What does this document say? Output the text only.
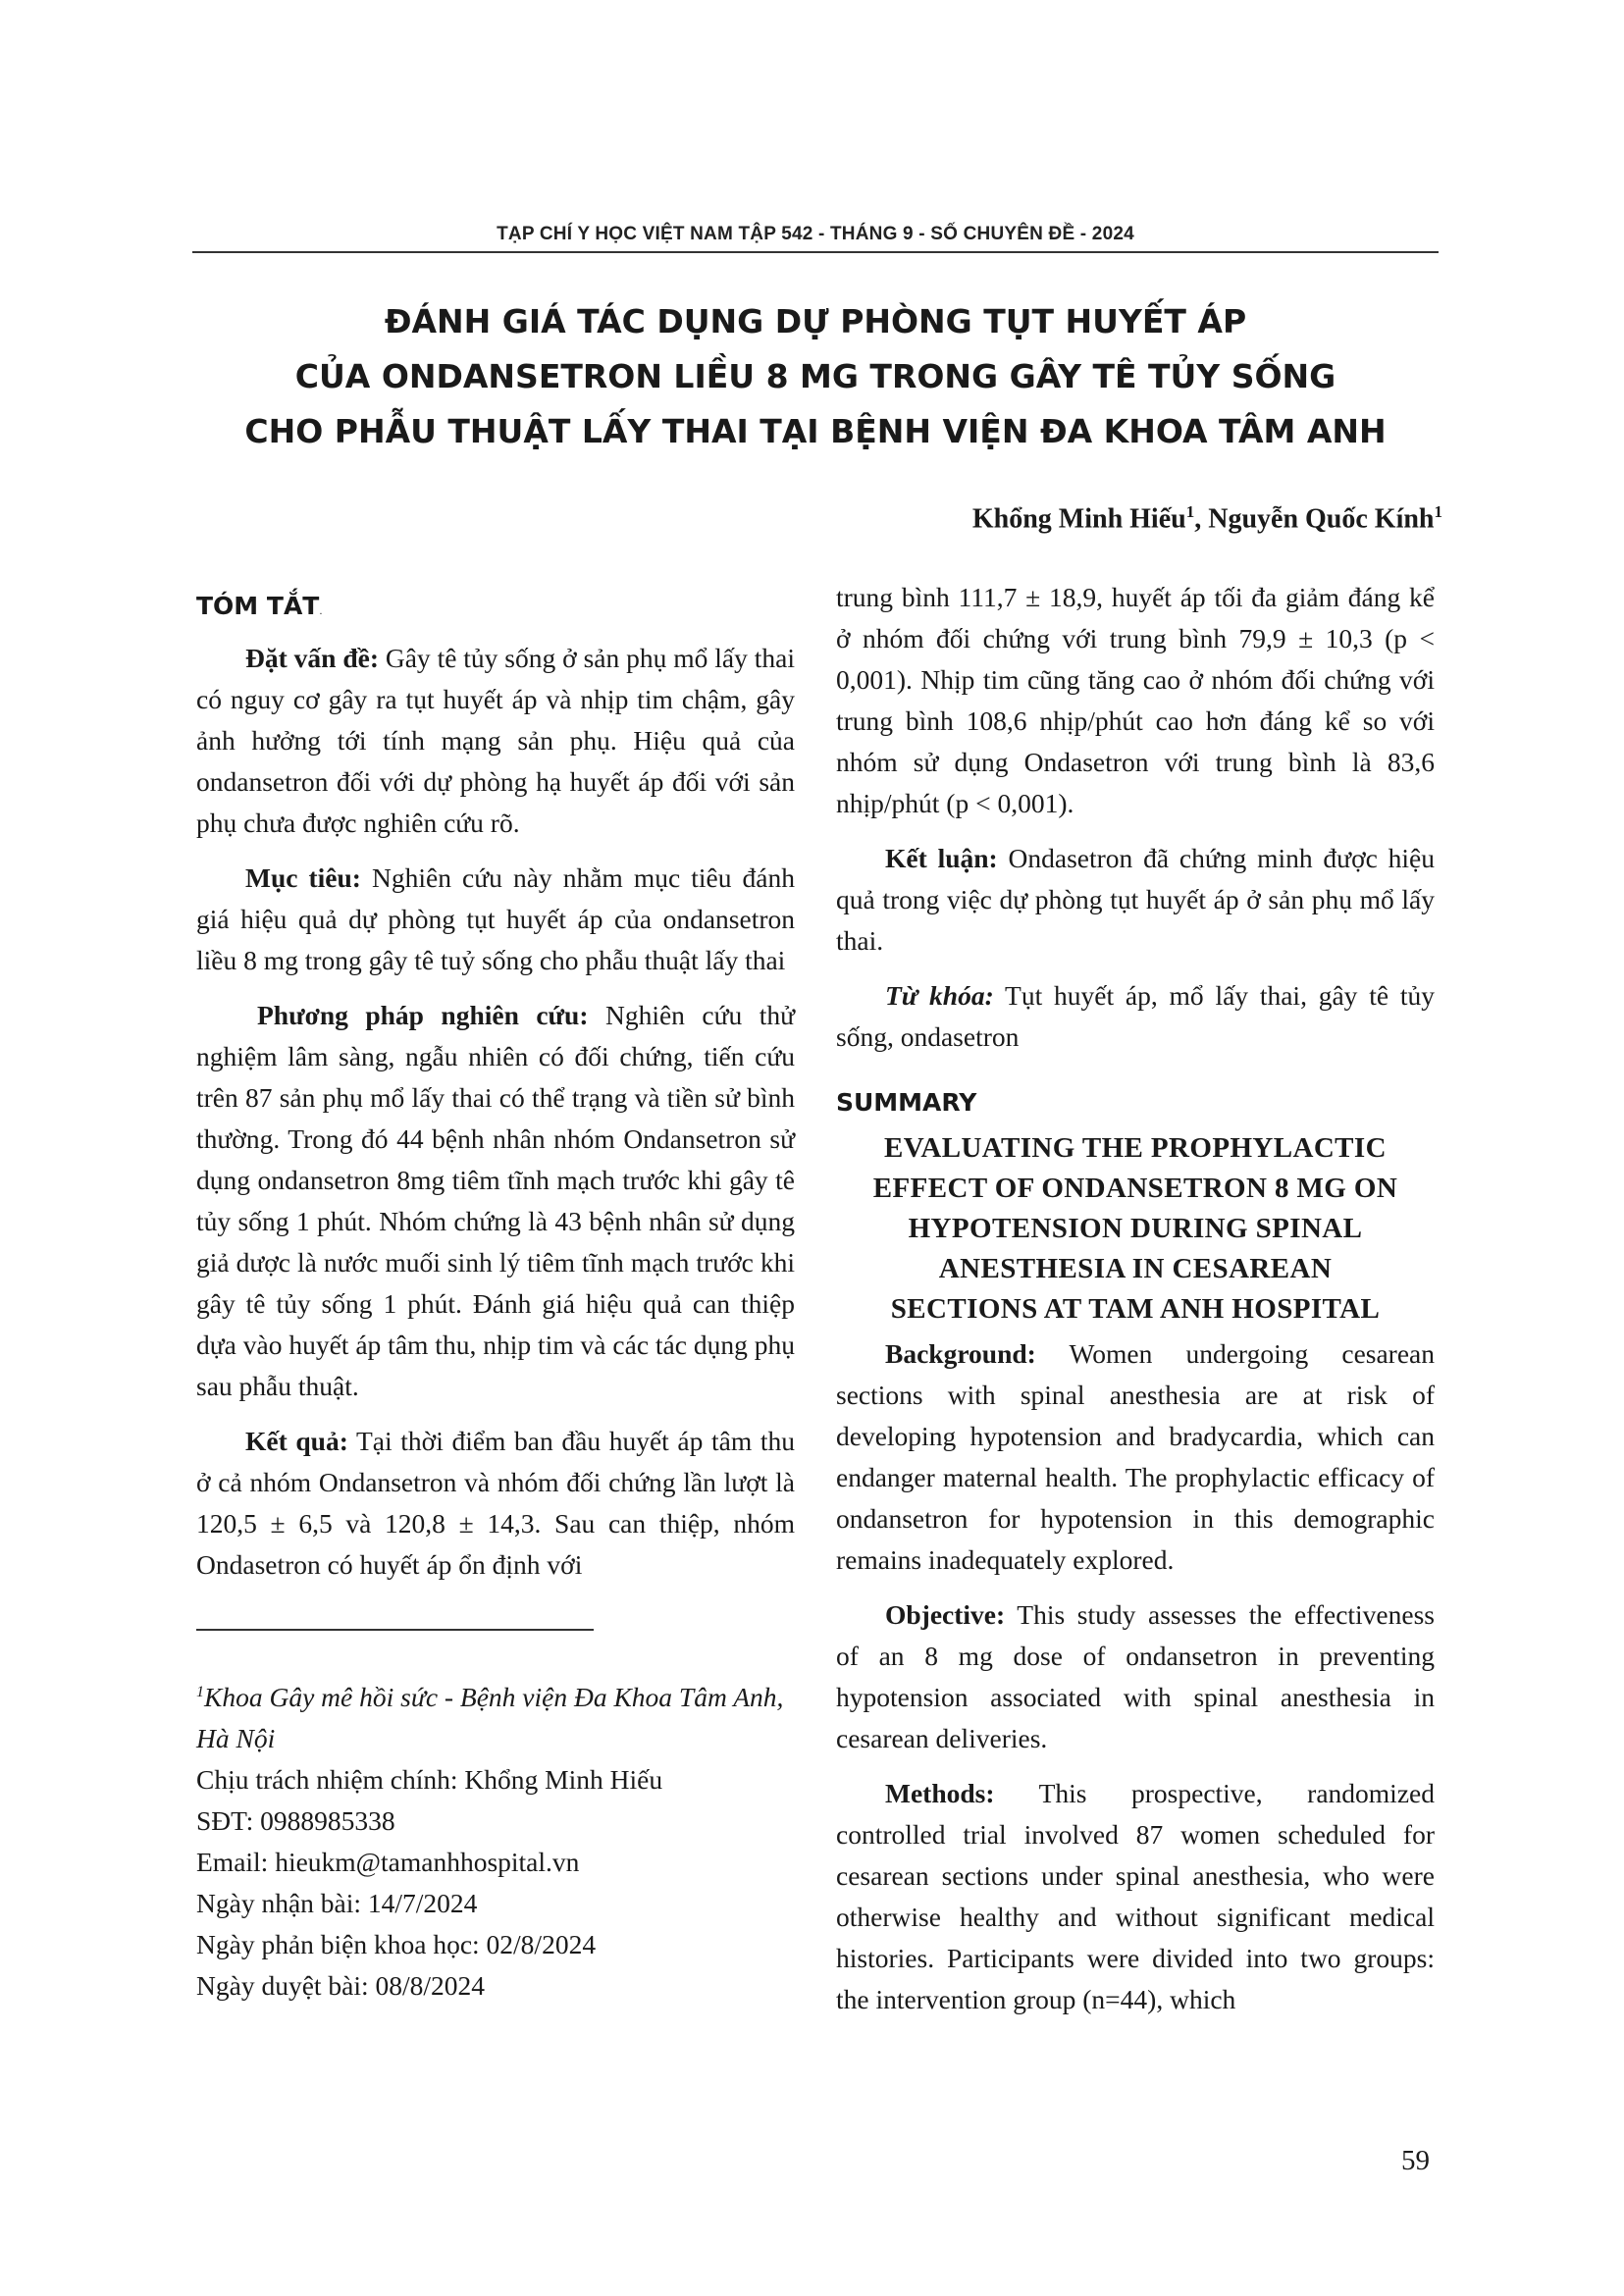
TẠP CHÍ Y HỌC VIỆT NAM TẬP 542 - THÁNG 9 - SỐ CHUYÊN ĐỀ - 2024
ĐÁNH GIÁ TÁC DỤNG DỰ PHÒNG TỤT HUYẾT ÁP
CỦA ONDANSETRON LIỀU 8 MG TRONG GÂY TÊ TỦY SỐNG
CHO PHẪU THUẬT LẤY THAI TẠI BỆNH VIỆN ĐA KHOA TÂM ANH
Khổng Minh Hiếu$^1$, Nguyễn Quốc Kính$^1$
TÓM TẮT.

Đặt vấn đề: Gây tê tủy sống ở sản phụ mổ lấy thai có nguy cơ gây ra tụt huyết áp và nhịp tim chậm, gây ảnh hưởng tới tính mạng sản phụ. Hiệu quả của ondansetron đối với dự phòng hạ huyết áp đối với sản phụ chưa được nghiên cứu rõ.

Mục tiêu: Nghiên cứu này nhằm mục tiêu đánh giá hiệu quả dự phòng tụt huyết áp của ondansetron liều 8 mg trong gây tê tuỷ sống cho phẫu thuật lấy thai

Phương pháp nghiên cứu: Nghiên cứu thử nghiệm lâm sàng, ngẫu nhiên có đối chứng, tiến cứu trên 87 sản phụ mổ lấy thai có thể trạng và tiền sử bình thường. Trong đó 44 bệnh nhân nhóm Ondansetron sử dụng ondansetron 8mg tiêm tĩnh mạch trước khi gây tê tủy sống 1 phút. Nhóm chứng là 43 bệnh nhân sử dụng giả dược là nước muối sinh lý tiêm tĩnh mạch trước khi gây tê tủy sống 1 phút. Đánh giá hiệu quả can thiệp dựa vào huyết áp tâm thu, nhịp tim và các tác dụng phụ sau phẫu thuật.

Kết quả: Tại thời điểm ban đầu huyết áp tâm thu ở cả nhóm Ondansetron và nhóm đối chứng lần lượt là 120,5 ± 6,5 và 120,8 ± 14,3. Sau can thiệp, nhóm Ondasetron có huyết áp ổn định với

$^1$Khoa Gây mê hồi sức - Bệnh viện Đa Khoa Tâm Anh, Hà Nội
Chịu trách nhiệm chính: Khổng Minh Hiếu
SĐT: 0988985338
Email: hieukm@tamanhhospital.vn
Ngày nhận bài: 14/7/2024
Ngày phản biện khoa học: 02/8/2024
Ngày duyệt bài: 08/8/2024

trung bình 111,7 ± 18,9, huyết áp tối đa giảm đáng kể ở nhóm đối chứng với trung bình 79,9 ± 10,3 (p < 0,001). Nhịp tim cũng tăng cao ở nhóm đối chứng với trung bình 108,6 nhịp/phút cao hơn đáng kể so với nhóm sử dụng Ondasetron với trung bình là 83,6 nhịp/phút (p < 0,001).

Kết luận: Ondasetron đã chứng minh được hiệu quả trong việc dự phòng tụt huyết áp ở sản phụ mổ lấy thai.

Từ khóa: Tụt huyết áp, mổ lấy thai, gây tê tủy sống, ondasetron

SUMMARY
EVALUATING THE PROPHYLACTIC
EFFECT OF ONDANSETRON 8 MG ON
HYPOTENSION DURING SPINAL
ANESTHESIA IN CESAREAN
SECTIONS AT TAM ANH HOSPITAL

Background: Women undergoing cesarean sections with spinal anesthesia are at risk of developing hypotension and bradycardia, which can endanger maternal health. The prophylactic efficacy of ondansetron for hypotension in this demographic remains inadequately explored.

Objective: This study assesses the effectiveness of an 8 mg dose of ondansetron in preventing hypotension associated with spinal anesthesia in cesarean deliveries.

Methods: This prospective, randomized controlled trial involved 87 women scheduled for cesarean sections under spinal anesthesia, who were otherwise healthy and without significant medical histories. Participants were divided into two groups: the intervention group (n=44), which

59
